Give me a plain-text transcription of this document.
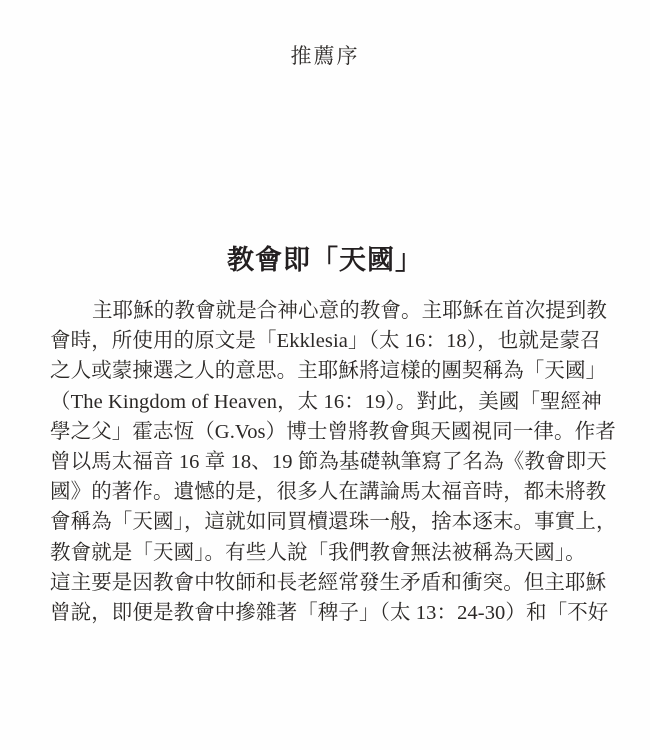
推薦序
教會即「天國」
主耶穌的教會就是合神心意的教會。主耶穌在首次提到教
會時，所使用的原文是「Ekklesia」（太 16：18），也就是蒙召
之人或蒙揀選之人的意思。主耶穌將這樣的團契稱為「天國」
（The Kingdom of Heaven，太 16：19）。對此，美國「聖經神
學之父」霍志恆（G.Vos）博士曾將教會與天國視同一律。作者
曾以馬太福音 16 章 18、19 節為基礎執筆寫了名為《教會即天
國》的著作。遺憾的是，很多人在講論馬太福音時，都未將教
會稱為「天國」，這就如同買櫝還珠一般，捨本逐末。事實上，
教會就是「天國」。有些人說「我們教會無法被稱為天國」。
這主要是因教會中牧師和長老經常發生矛盾和衝突。但主耶穌
曾說，即便是教會中摻雜著「稗子」（太 13：24-30）和「不好
